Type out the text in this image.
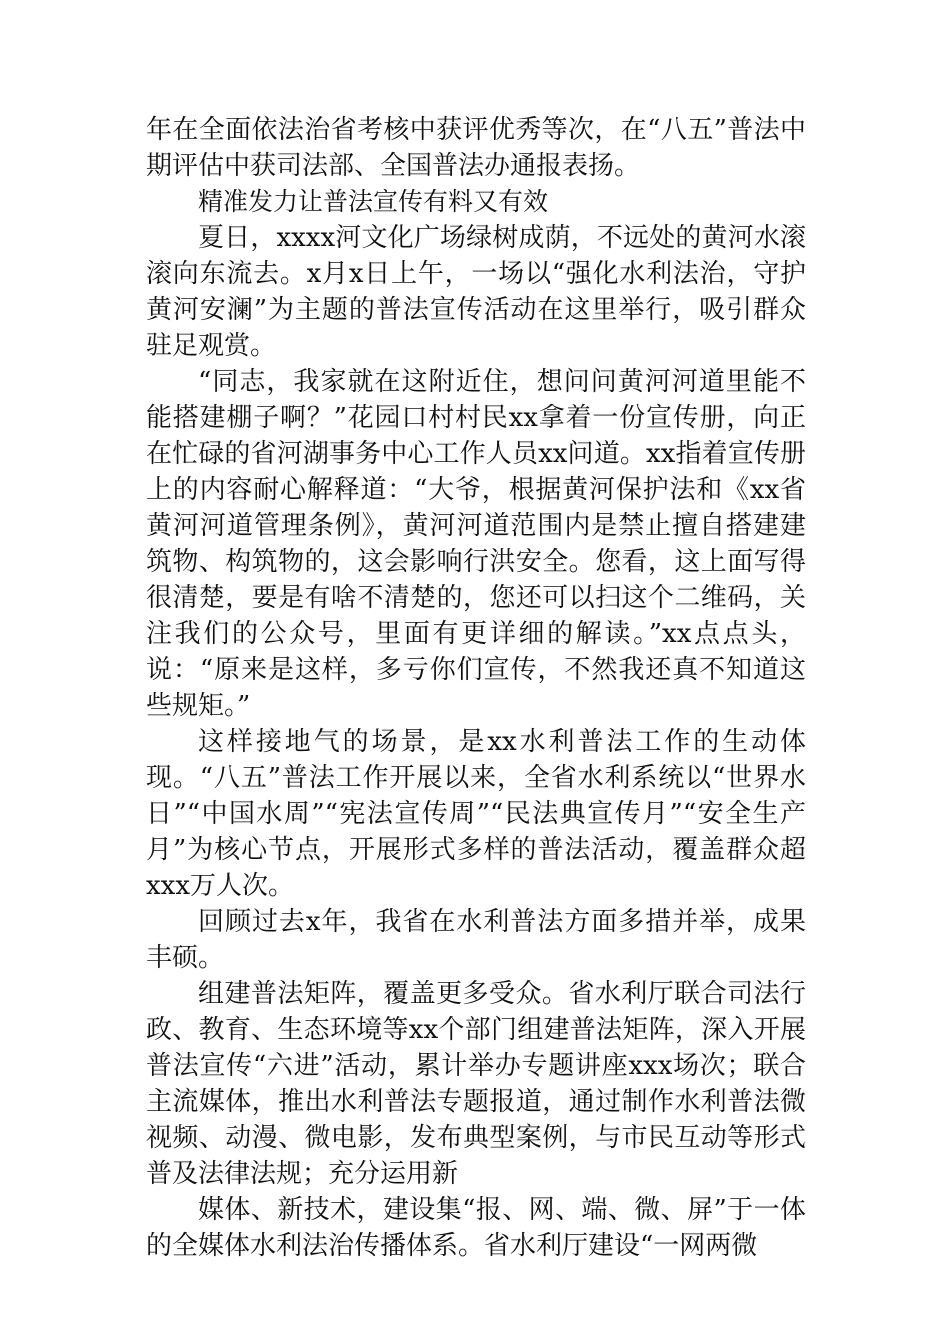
年在全面依法治省考核中获评优秀等次，在“八五”普法中期评估中获司法部、全国普法办通报表扬。

精准发力让普法宣传有料又有效

夏日，xxxx河文化广场绿树成荫，不远处的黄河水滚滚向东流去。x月x日上午，一场以“强化水利法治，守护黄河安澜”为主题的普法宣传活动在这里举行，吸引群众驻足观赏。

“同志，我家就在这附近住，想问问黄河河道里能不能搭建棚子啊？”花园口村村民xx拿着一份宣传册，向正在忙碌的省河湖事务中心工作人员xx问道。xx指着宣传册上的内容耐心解释道：“大爷，根据黄河保护法和《xx省黄河河道管理条例》，黄河河道范围内是禁止擅自搭建建筑物、构筑物的，这会影响行洪安全。您看，这上面写得很清楚，要是有啥不清楚的，您还可以扫这个二维码，关注我们的公众号，里面有更详细的解读。”xx点点头，说：“原来是这样，多亏你们宣传，不然我还真不知道这些规矩。”

这样接地气的场景，是xx水利普法工作的生动体现。“八五”普法工作开展以来，全省水利系统以“世界水日”“中国水周”“宪法宣传周”“民法典宣传月”“安全生产月”为核心节点，开展形式多样的普法活动，覆盖群众超xxx万人次。

回顾过去x年，我省在水利普法方面多措并举，成果丰硕。

组建普法矩阵，覆盖更多受众。省水利厅联合司法行政、教育、生态环境等xx个部门组建普法矩阵，深入开展普法宣传“六进”活动，累计举办专题讲座xxx场次；联合主流媒体，推出水利普法专题报道，通过制作水利普法微视频、动漫、微电影，发布典型案例，与市民互动等形式普及法律法规；充分运用新

媒体、新技术，建设集“报、网、端、微、屏”于一体的全媒体水利法治传播体系。省水利厅建设“一网两微
